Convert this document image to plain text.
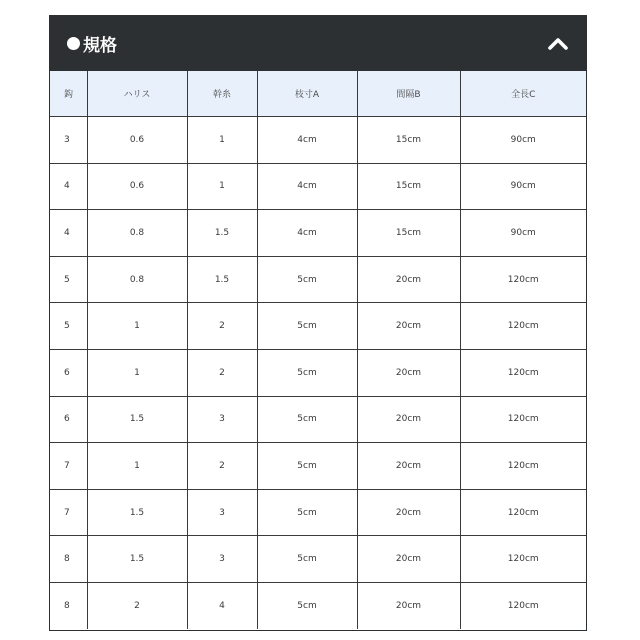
規格
鈎	ハリス	幹糸	枝寸A	間隔B	全長C
3	0.6	1	4cm	15cm	90cm
4	0.6	1	4cm	15cm	90cm
4	0.8	1.5	4cm	15cm	90cm
5	0.8	1.5	5cm	20cm	120cm
5	1	2	5cm	20cm	120cm
6	1	2	5cm	20cm	120cm
6	1.5	3	5cm	20cm	120cm
7	1	2	5cm	20cm	120cm
7	1.5	3	5cm	20cm	120cm
8	1.5	3	5cm	20cm	120cm
8	2	4	5cm	20cm	120cm
